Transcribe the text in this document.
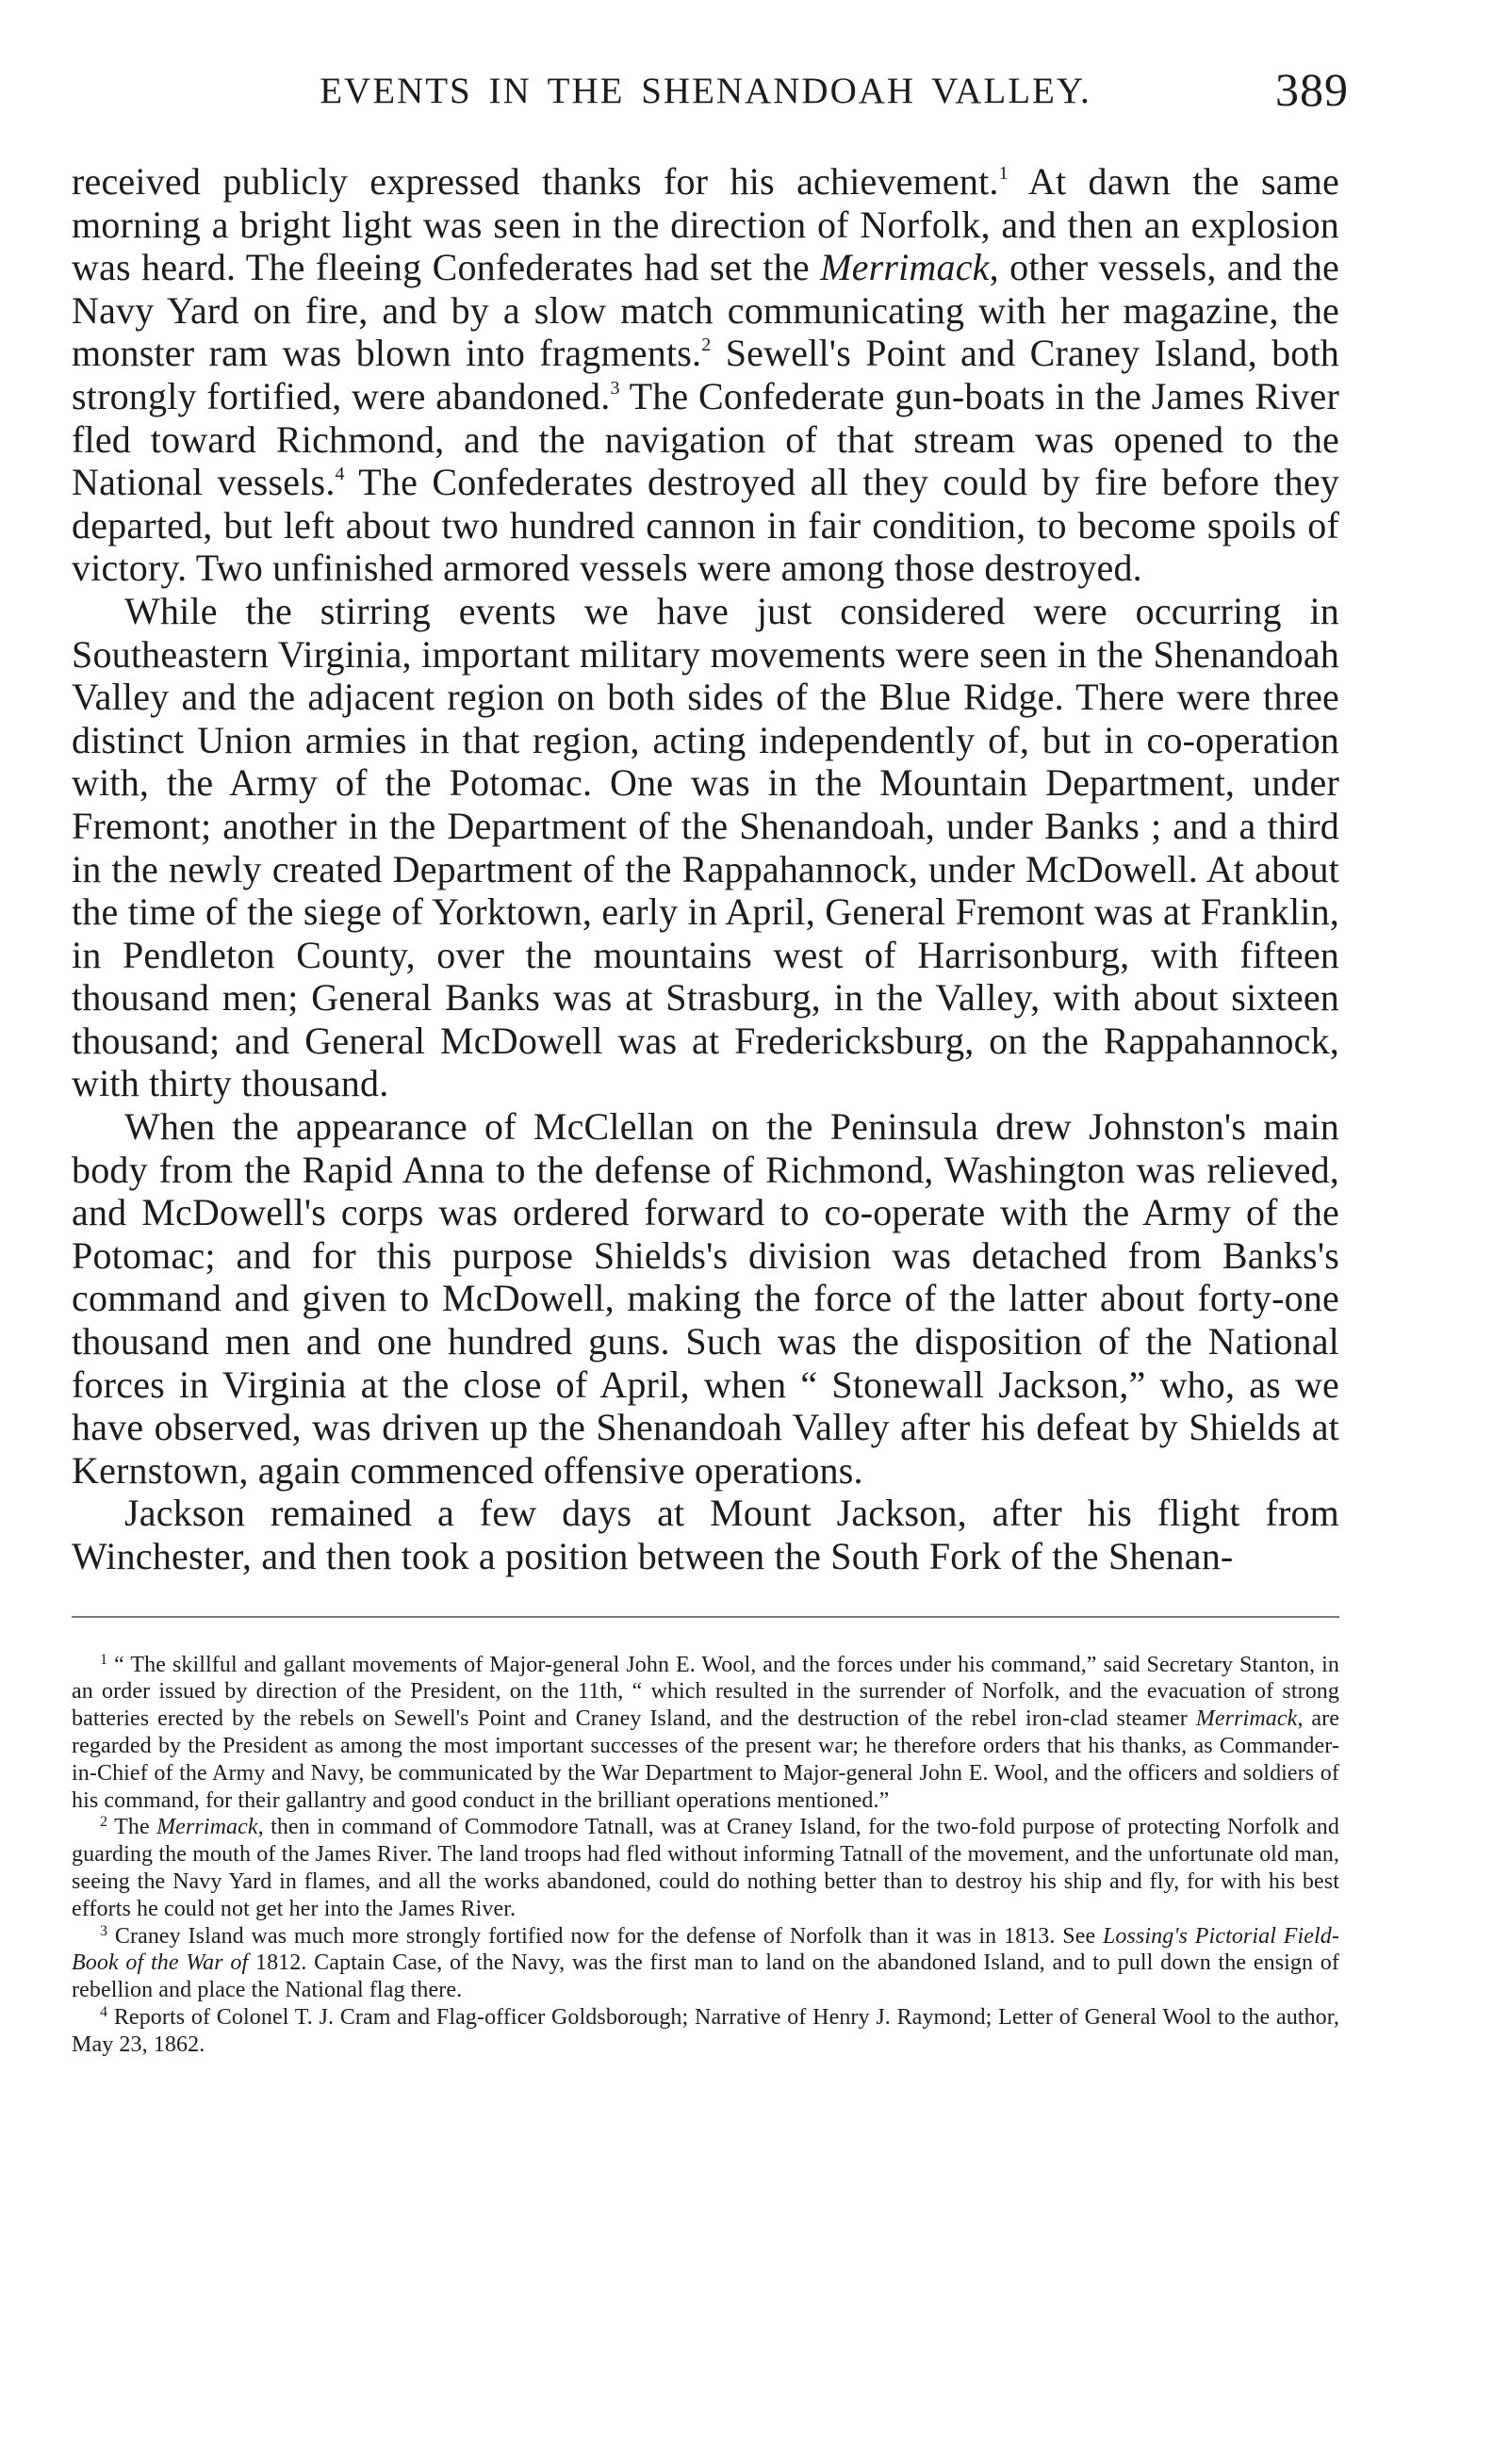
EVENTS IN THE SHENANDOAH VALLEY.	389

received publicly expressed thanks for his achievement.$^1$ At dawn the same morning a bright light was seen in the direction of Norfolk, and then an explosion was heard. The fleeing Confederates had set the Merrimack, other vessels, and the Navy Yard on fire, and by a slow match communicating with her magazine, the monster ram was blown into fragments.$^2$ Sewell's Point and Craney Island, both strongly fortified, were abandoned.$^3$ The Confederate gun-boats in the James River fled toward Richmond, and the navigation of that stream was opened to the National vessels.$^4$ The Confederates destroyed all they could by fire before they departed, but left about two hundred cannon in fair condition, to become spoils of victory. Two unfinished armored vessels were among those destroyed.

While the stirring events we have just considered were occurring in Southeastern Virginia, important military movements were seen in the Shenandoah Valley and the adjacent region on both sides of the Blue Ridge. There were three distinct Union armies in that region, acting independently of, but in co-operation with, the Army of the Potomac. One was in the Mountain Department, under Fremont; another in the Department of the Shenandoah, under Banks ; and a third in the newly created Department of the Rappahannock, under McDowell. At about the time of the siege of Yorktown, early in April, General Fremont was at Franklin, in Pendleton County, over the mountains west of Harrisonburg, with fifteen thousand men; General Banks was at Strasburg, in the Valley, with about sixteen thousand; and General McDowell was at Fredericksburg, on the Rappahannock, with thirty thousand.

When the appearance of McClellan on the Peninsula drew Johnston's main body from the Rapid Anna to the defense of Richmond, Washington was relieved, and McDowell's corps was ordered forward to co-operate with the Army of the Potomac; and for this purpose Shields's division was detached from Banks's command and given to McDowell, making the force of the latter about forty-one thousand men and one hundred guns. Such was the disposition of the National forces in Virginia at the close of April, when “ Stonewall Jackson,” who, as we have observed, was driven up the Shenandoah Valley after his defeat by Shields at Kernstown, again commenced offensive operations.

Jackson remained a few days at Mount Jackson, after his flight from Winchester, and then took a position between the South Fork of the Shenan-

$^1$ “ The skillful and gallant movements of Major-general John E. Wool, and the forces under his command,” said Secretary Stanton, in an order issued by direction of the President, on the 11th, “ which resulted in the surrender of Norfolk, and the evacuation of strong batteries erected by the rebels on Sewell's Point and Craney Island, and the destruction of the rebel iron-clad steamer Merrimack, are regarded by the President as among the most important successes of the present war; he therefore orders that his thanks, as Commander-in-Chief of the Army and Navy, be communicated by the War Department to Major-general John E. Wool, and the officers and soldiers of his command, for their gallantry and good conduct in the brilliant operations mentioned.”

$^2$ The Merrimack, then in command of Commodore Tatnall, was at Craney Island, for the two-fold purpose of protecting Norfolk and guarding the mouth of the James River. The land troops had fled without informing Tatnall of the movement, and the unfortunate old man, seeing the Navy Yard in flames, and all the works abandoned, could do nothing better than to destroy his ship and fly, for with his best efforts he could not get her into the James River.

$^3$ Craney Island was much more strongly fortified now for the defense of Norfolk than it was in 1813. See Lossing's Pictorial Field-Book of the War of 1812. Captain Case, of the Navy, was the first man to land on the abandoned Island, and to pull down the ensign of rebellion and place the National flag there.

$^4$ Reports of Colonel T. J. Cram and Flag-officer Goldsborough; Narrative of Henry J. Raymond; Letter of General Wool to the author, May 23, 1862.
